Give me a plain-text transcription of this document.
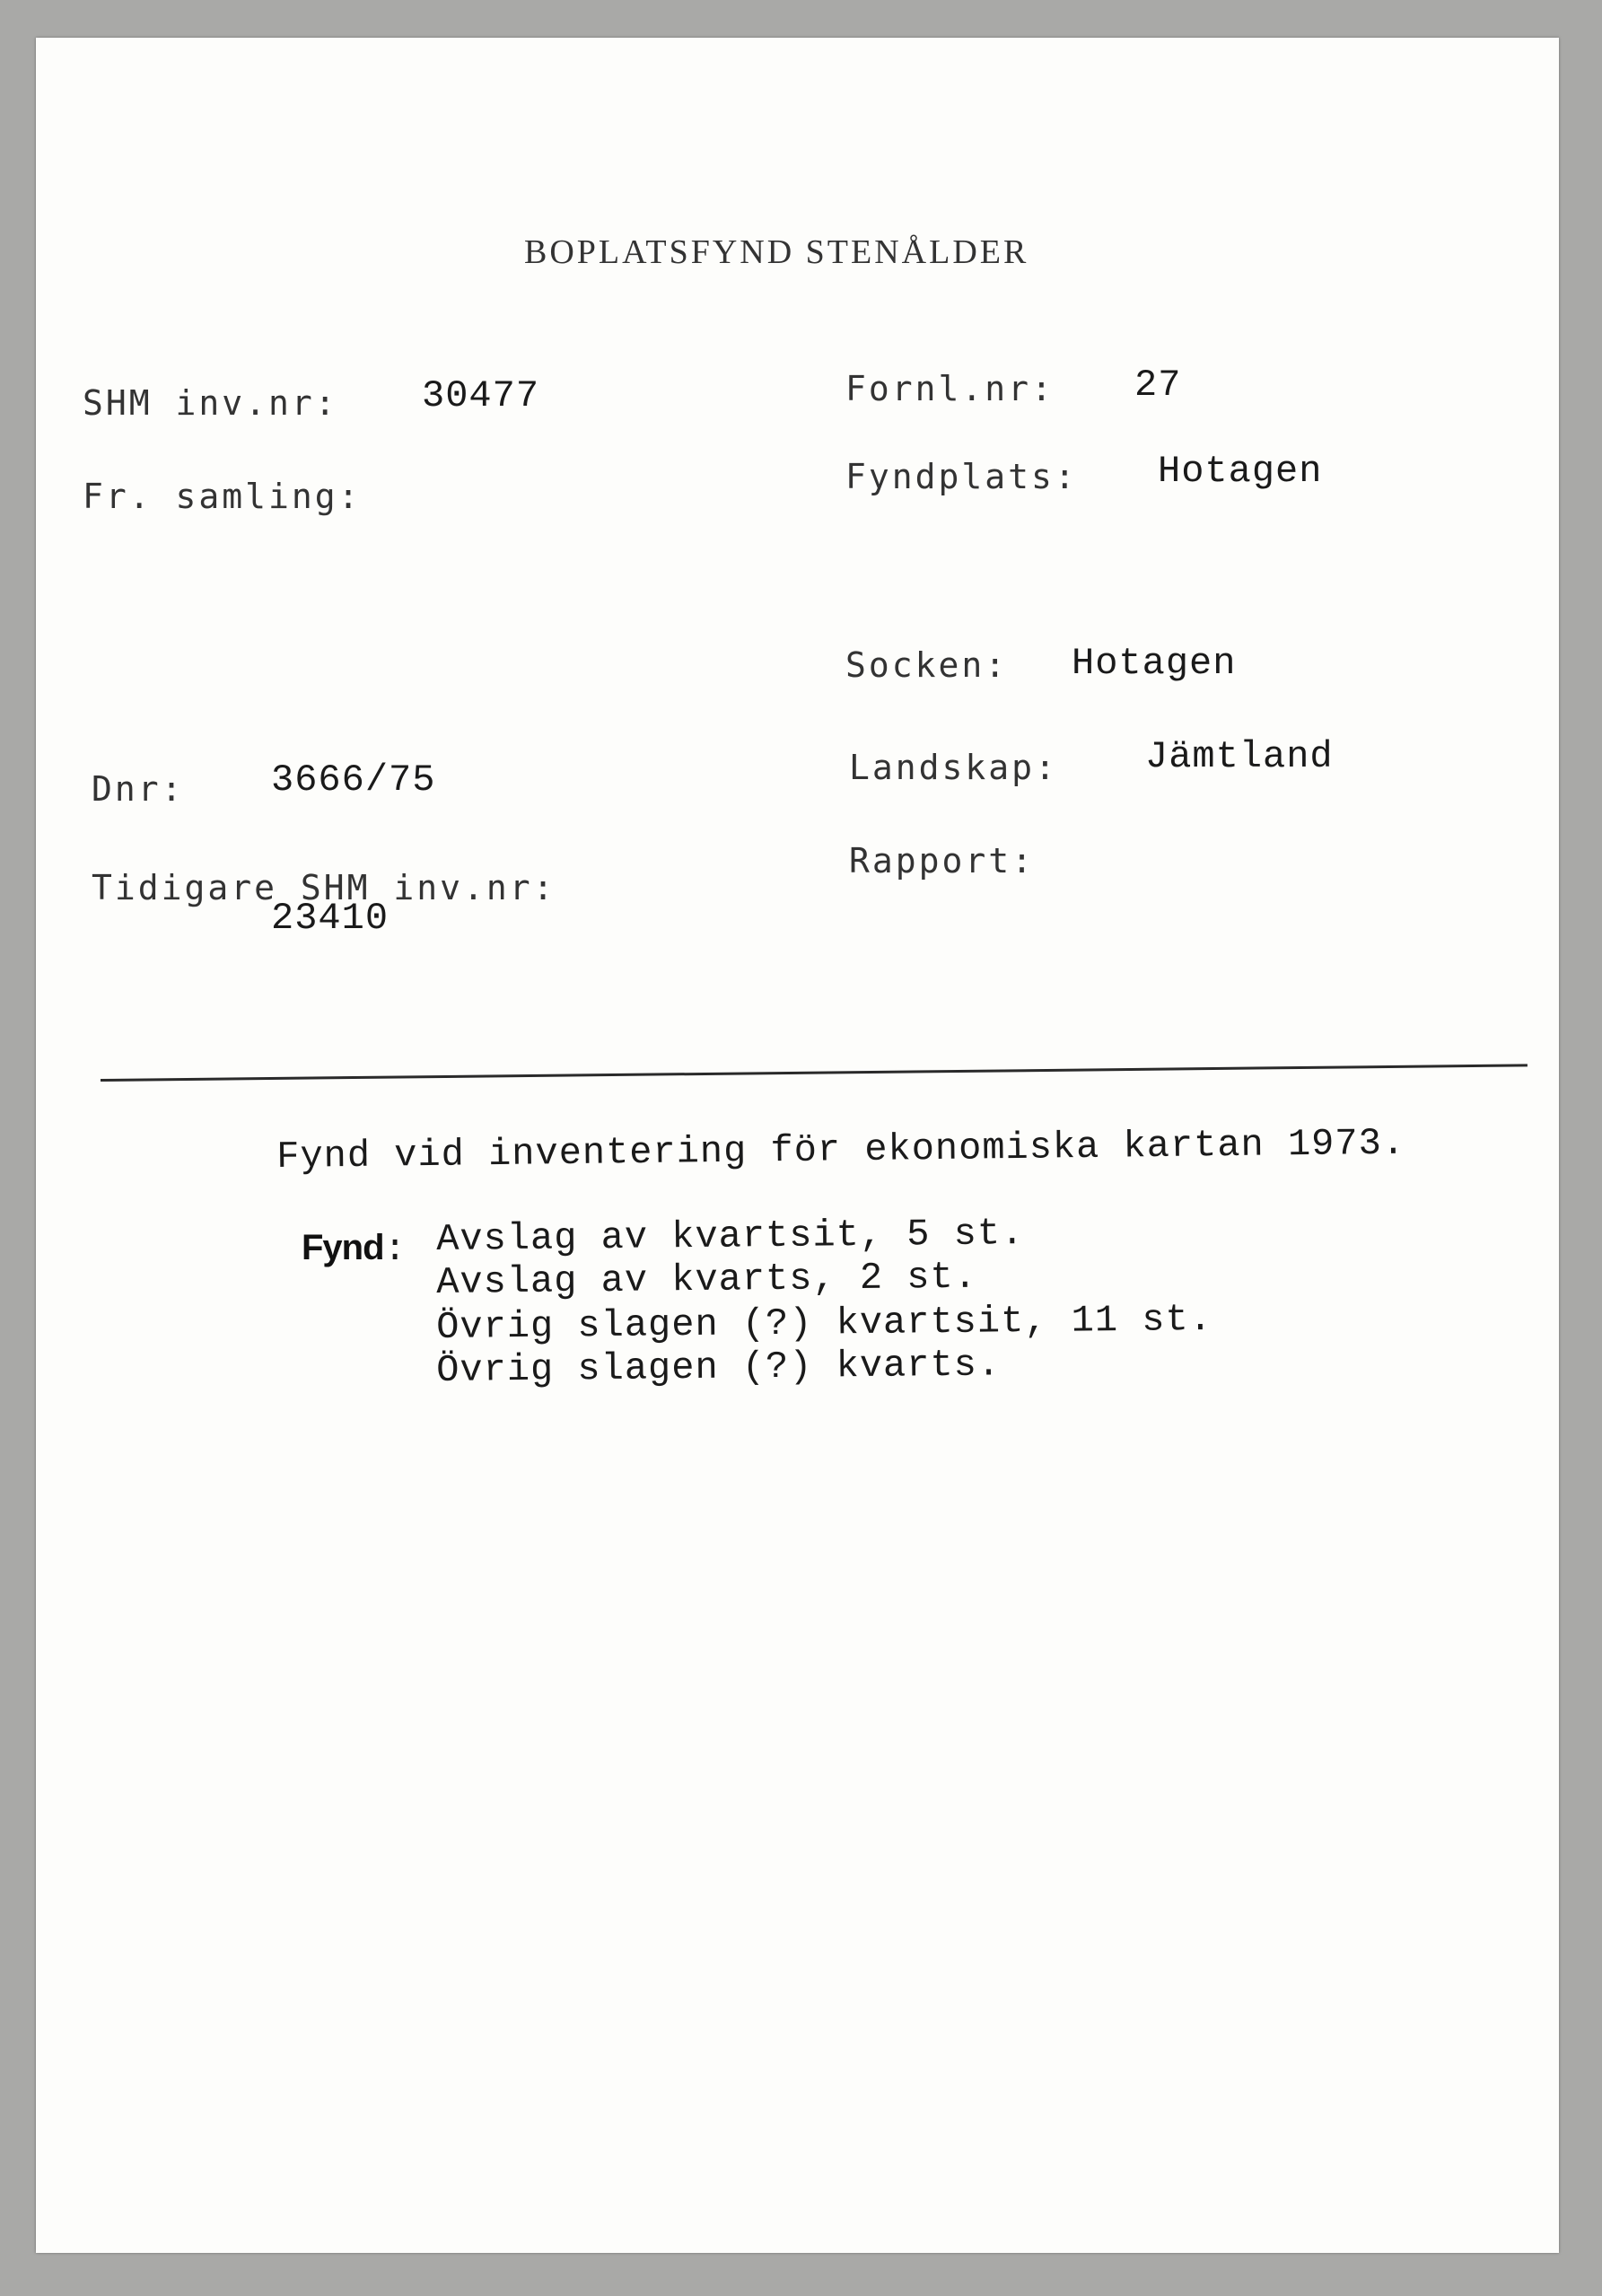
BOPLATSFYND STENÅLDER
SHM inv.nr: 30477
Fr. samling:
Dnr: 3666/75
Tidigare SHM inv.nr:
23410
Fornl.nr: 27
Fyndplats: Hotagen
Socken: Hotagen
Landskap: Jämtland
Rapport:
Fynd vid inventering för ekonomiska kartan 1973.
Fynd: Avslag av kvartsit, 5 st.
Avslag av kvarts, 2 st.
Övrig slagen (?) kvartsit, 11 st.
Övrig slagen (?) kvarts.
